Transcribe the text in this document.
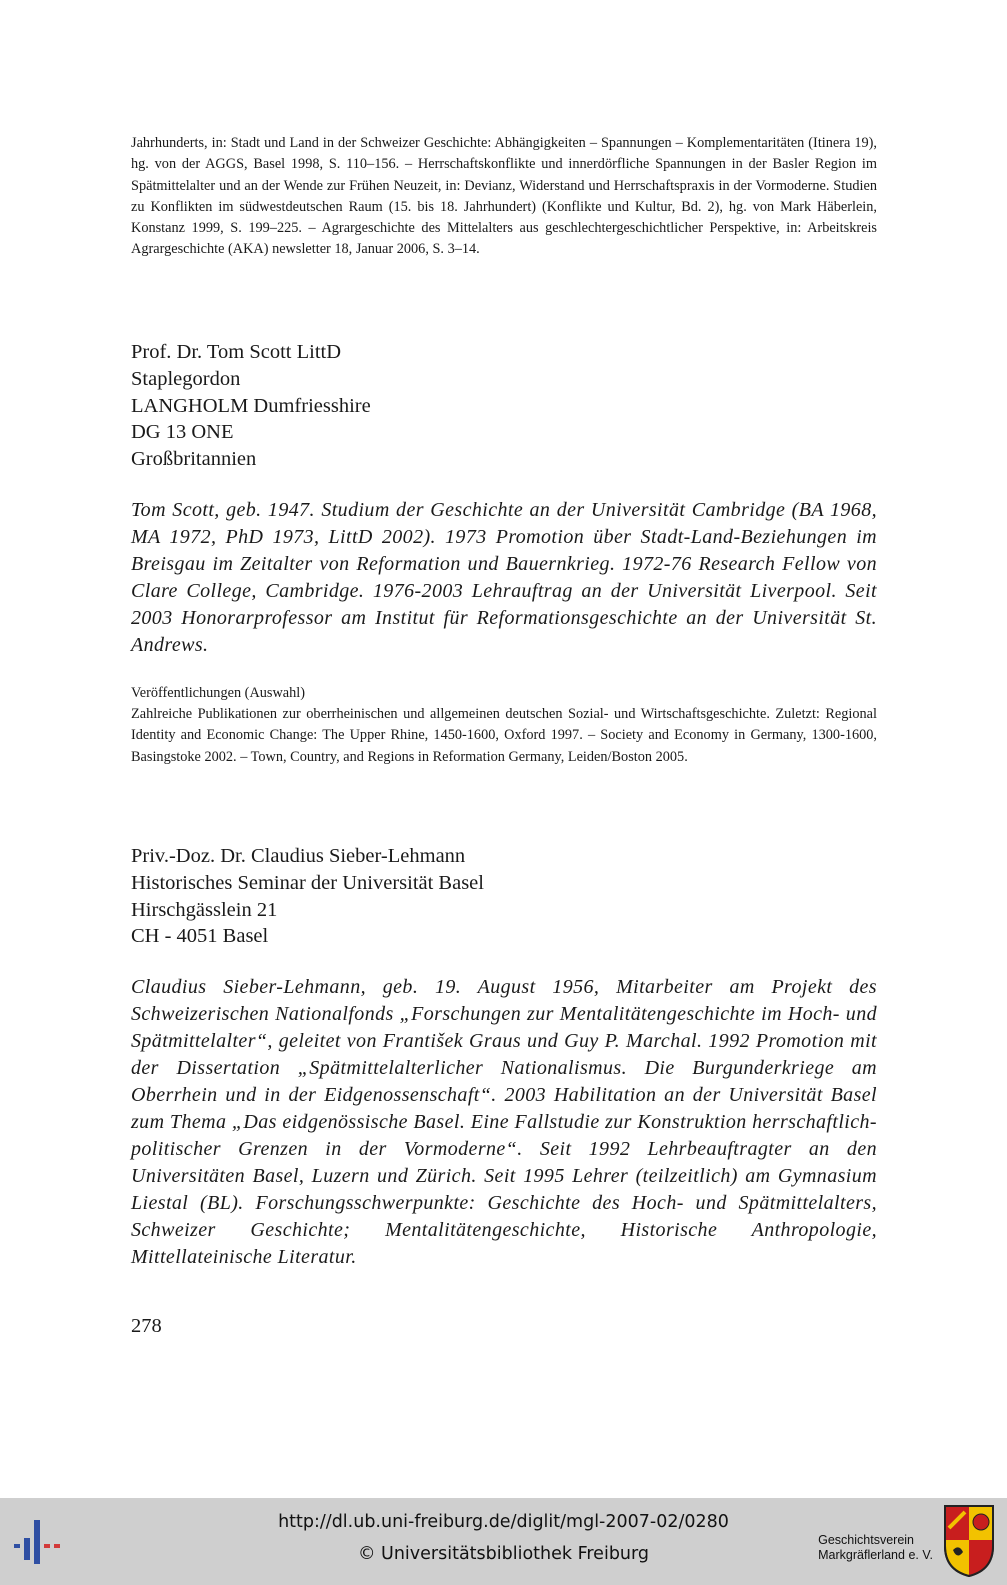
Jahrhunderts, in: Stadt und Land in der Schweizer Geschichte: Abhängigkeiten – Spannungen – Komplementaritäten (Itinera 19), hg. von der AGGS, Basel 1998, S. 110–156. – Herrschaftskonflikte und innerdörfliche Spannungen in der Basler Region im Spätmittelalter und an der Wende zur Frühen Neuzeit, in: Devianz, Widerstand und Herrschaftspraxis in der Vormoderne. Studien zu Konflikten im südwestdeutschen Raum (15. bis 18. Jahrhundert) (Konflikte und Kultur, Bd. 2), hg. von Mark Häberlein, Konstanz 1999, S. 199–225. – Agrargeschichte des Mittelalters aus geschlechtergeschichtlicher Perspektive, in: Arbeitskreis Agrargeschichte (AKA) newsletter 18, Januar 2006, S. 3–14.
Prof. Dr. Tom Scott LittD
Staplegordon
LANGHOLM Dumfriesshire
DG 13 ONE
Großbritannien
Tom Scott, geb. 1947. Studium der Geschichte an der Universität Cambridge (BA 1968, MA 1972, PhD 1973, LittD 2002). 1973 Promotion über Stadt-Land-Beziehungen im Breisgau im Zeitalter von Reformation und Bauernkrieg. 1972-76 Research Fellow von Clare College, Cambridge. 1976-2003 Lehrauftrag an der Universität Liverpool. Seit 2003 Honorarprofessor am Institut für Reformationsgeschichte an der Universität St. Andrews.
Veröffentlichungen (Auswahl)
Zahlreiche Publikationen zur oberrheinischen und allgemeinen deutschen Sozial- und Wirtschaftsgeschichte. Zuletzt: Regional Identity and Economic Change: The Upper Rhine, 1450-1600, Oxford 1997. – Society and Economy in Germany, 1300-1600, Basingstoke 2002. – Town, Country, and Regions in Reformation Germany, Leiden/Boston 2005.
Priv.-Doz. Dr. Claudius Sieber-Lehmann
Historisches Seminar der Universität Basel
Hirschgässlein 21
CH - 4051 Basel
Claudius Sieber-Lehmann, geb. 19. August 1956, Mitarbeiter am Projekt des Schweizerischen Nationalfonds „Forschungen zur Mentalitätengeschichte im Hoch- und Spätmittelalter“, geleitet von František Graus und Guy P. Marchal. 1992 Promotion mit der Dissertation „Spätmittelalterlicher Nationalismus. Die Burgunderkriege am Oberrhein und in der Eidgenossenschaft“. 2003 Habilitation an der Universität Basel zum Thema „Das eidgenössische Basel. Eine Fallstudie zur Konstruktion herrschaftlich-politischer Grenzen in der Vormoderne“. Seit 1992 Lehrbeauftragter an den Universitäten Basel, Luzern und Zürich. Seit 1995 Lehrer (teilzeitlich) am Gymnasium Liestal (BL). Forschungsschwerpunkte: Geschichte des Hoch- und Spätmittelalters, Schweizer Geschichte; Mentalitätengeschichte, Historische Anthropologie, Mittellateinische Literatur.
278
http://dl.ub.uni-freiburg.de/diglit/mgl-2007-02/0280
© Universitätsbibliothek Freiburg
Geschichtsverein
Markgräflerland e. V.
